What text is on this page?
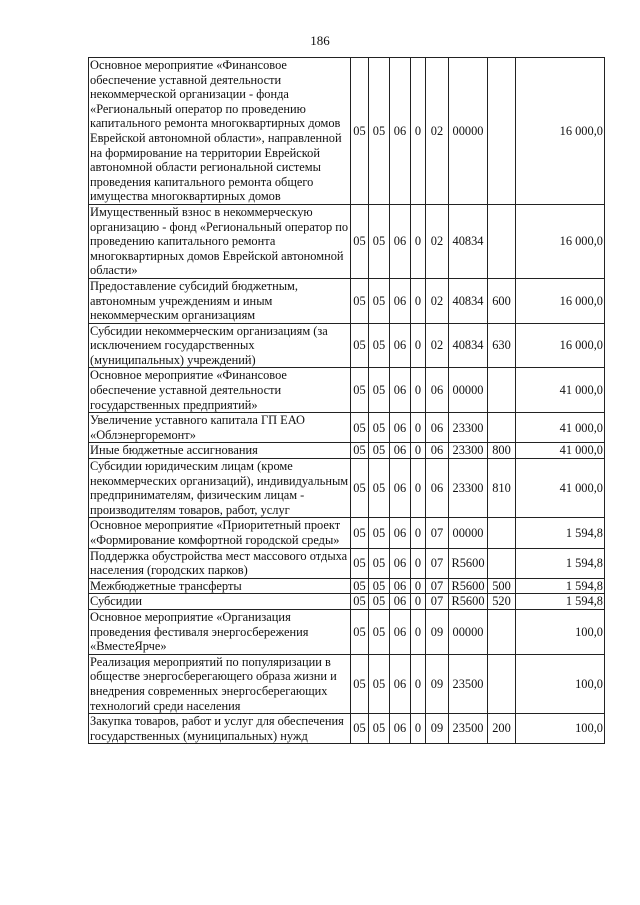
186
Основное мероприятие «Финансовое обеспечение уставной деятельности некоммерческой организации - фонда «Региональный оператор по проведению капитального ремонта многоквартирных домов Еврейской автономной области», направленной на формирование на территории Еврейской автономной области региональной системы проведения капитального ремонта общего имущества многоквартирных домов	05	05	06	0	02	00000		16 000,0
Имущественный взнос в некоммерческую организацию - фонд «Региональный оператор по проведению капитального ремонта многоквартирных домов Еврейской автономной области»	05	05	06	0	02	40834		16 000,0
Предоставление субсидий бюджетным, автономным учреждениям и иным некоммерческим организациям	05	05	06	0	02	40834	600	16 000,0
Субсидии некоммерческим организациям (за исключением государственных (муниципальных) учреждений)	05	05	06	0	02	40834	630	16 000,0
Основное мероприятие «Финансовое обеспечение уставной деятельности государственных предприятий»	05	05	06	0	06	00000		41 000,0
Увеличение уставного капитала ГП ЕАО «Облэнергоремонт»	05	05	06	0	06	23300		41 000,0
Иные бюджетные ассигнования	05	05	06	0	06	23300	800	41 000,0
Субсидии юридическим лицам (кроме некоммерческих организаций), индивидуальным предпринимателям, физическим лицам - производителям товаров, работ, услуг	05	05	06	0	06	23300	810	41 000,0
Основное мероприятие «Приоритетный проект «Формирование комфортной городской среды»	05	05	06	0	07	00000		1 594,8
Поддержка обустройства мест массового отдыха населения (городских парков)	05	05	06	0	07	R5600		1 594,8
Межбюджетные трансферты	05	05	06	0	07	R5600	500	1 594,8
Субсидии	05	05	06	0	07	R5600	520	1 594,8
Основное мероприятие «Организация проведения фестиваля энергосбережения «ВместеЯрче»	05	05	06	0	09	00000		100,0
Реализация мероприятий по популяризации в обществе энергосберегающего образа жизни и внедрения современных энергосберегающих технологий среди населения	05	05	06	0	09	23500		100,0
Закупка товаров, работ и услуг для обеспечения государственных (муниципальных) нужд	05	05	06	0	09	23500	200	100,0
